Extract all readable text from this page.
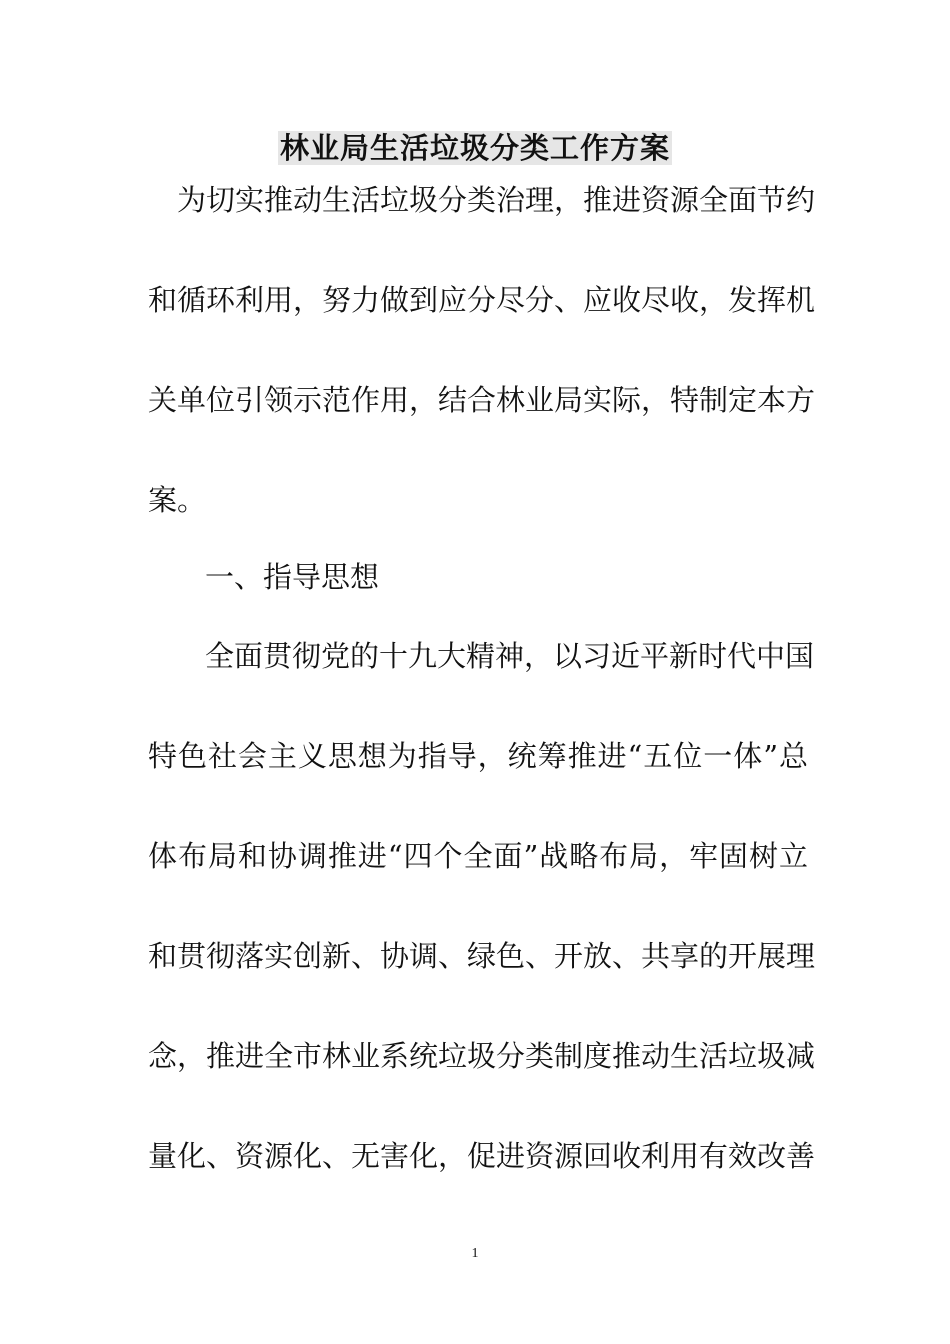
林业局生活垃圾分类工作方案
为切实推动生活垃圾分类治理，推进资源全面节约
和循环利用，努力做到应分尽分、应收尽收，发挥机
关单位引领示范作用，结合林业局实际，特制定本方
案。
一、指导思想
全面贯彻党的十九大精神，以习近平新时代中国
特色社会主义思想为指导，统筹推进“五位一体”总
体布局和协调推进“四个全面”战略布局，牢固树立
和贯彻落实创新、协调、绿色、开放、共享的开展理
念，推进全市林业系统垃圾分类制度推动生活垃圾减
量化、资源化、无害化，促进资源回收利用有效改善
1
